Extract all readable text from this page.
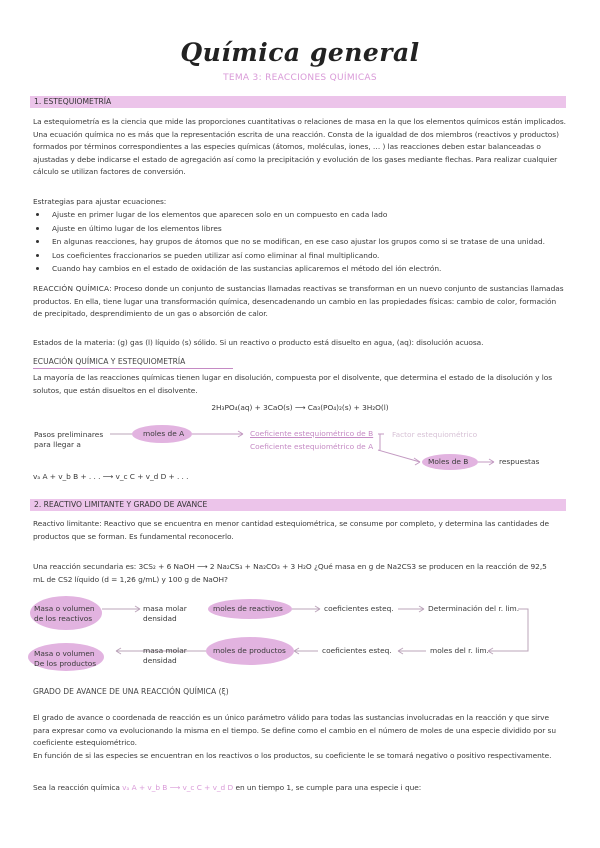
Química general
TEMA 3: REACCIONES QUÍMICAS
1. ESTEQUIOMETRÍA
La estequiometría es la ciencia que mide las proporciones cuantitativas o relaciones de masa en la que los elementos químicos están implicados.
Una ecuación química no es más que la representación escrita de una reacción. Consta de la igualdad de dos miembros (reactivos y productos)
formados por términos correspondientes a las especies químicas (átomos, moléculas, iones, … ) las reacciones deben estar balanceadas o
ajustadas y debe indicarse el estado de agregación así como la precipitación y evolución de los gases mediante flechas. Para realizar cualquier
cálculo se utilizan factores de conversión.
Estrategias para ajustar ecuaciones:
Ajuste en primer lugar de los elementos que aparecen solo en un compuesto en cada lado
Ajuste en último lugar de los elementos libres
En algunas reacciones, hay grupos de átomos que no se modifican, en ese caso ajustar los grupos como si se tratase de una unidad.
Los coeficientes fraccionarios se pueden utilizar así como eliminar al final multiplicando.
Cuando hay cambios en el estado de oxidación de las sustancias aplicaremos el método del ión electrón.
REACCIÓN QUÍMICA: Proceso donde un conjunto de sustancias llamadas reactivas se transforman en un nuevo conjunto de sustancias llamadas
productos. En ella, tiene lugar una transformación química, desencadenando un cambio en las propiedades físicas: cambio de color, formación
de precipitado, desprendimiento de un gas o absorción de calor.
Estados de la materia: (g) gas (l) líquido (s) sólido. Si un reactivo o producto está disuelto en agua, (aq): disolución acuosa.
ECUACIÓN QUÍMICA Y ESTEQUIOMETRÍA
La mayoría de las reacciones químicas tienen lugar en disolución, compuesta por el disolvente, que determina el estado de la disolución y los
solutos, que están disueltos en el disolvente.
2H₃PO₄(aq) + 3CaO(s) ⟶ Ca₃(PO₄)₂(s) + 3H₂O(l)
Pasos preliminares
para llegar a
moles de A	Coeficiente estequiométrico de B	Factor estequiométrico
Coeficiente estequiométrico de A
Moles de B	respuestas
vₐ A + v_b B + . . . ⟶ v_c C + v_d D + . . .
2. REACTIVO LIMITANTE Y GRADO DE AVANCE
Reactivo limitante: Reactivo que se encuentra en menor cantidad estequiométrica, se consume por completo, y determina las cantidades de
productos que se forman. Es fundamental reconocerlo.
Una reacción secundaria es: 3CS₂ + 6 NaOH ⟶ 2 Na₂CS₃ + Na₂CO₃ + 3 H₂O ¿Qué masa en g de Na2CS3 se producen en la reacción de 92,5
mL de CS2 líquido (d = 1,26 g/mL) y 100 g de NaOH?
Masa o volumen
de los reactivos
masa molar
densidad
moles de reactivos	coeficientes esteq.	Determinación del r. lim.
Masa o volumen
De los productos
masa molar
densidad
moles de productos	coeficientes esteq.	moles del r. lim.
GRADO DE AVANCE DE UNA REACCIÓN QUÍMICA (ξ)
El grado de avance o coordenada de reacción es un único parámetro válido para todas las sustancias involucradas en la reacción y que sirve
para expresar como va evolucionando la misma en el tiempo. Se define como el cambio en el número de moles de una especie dividido por su
coeficiente estequiométrico.
En función de si las especies se encuentran en los reactivos o los productos, su coeficiente le se tomará negativo o positivo respectivamente.
Sea la reacción química vₐ A + v_b B ⟶ v_c C + v_d D en un tiempo 1, se cumple para una especie i que:
